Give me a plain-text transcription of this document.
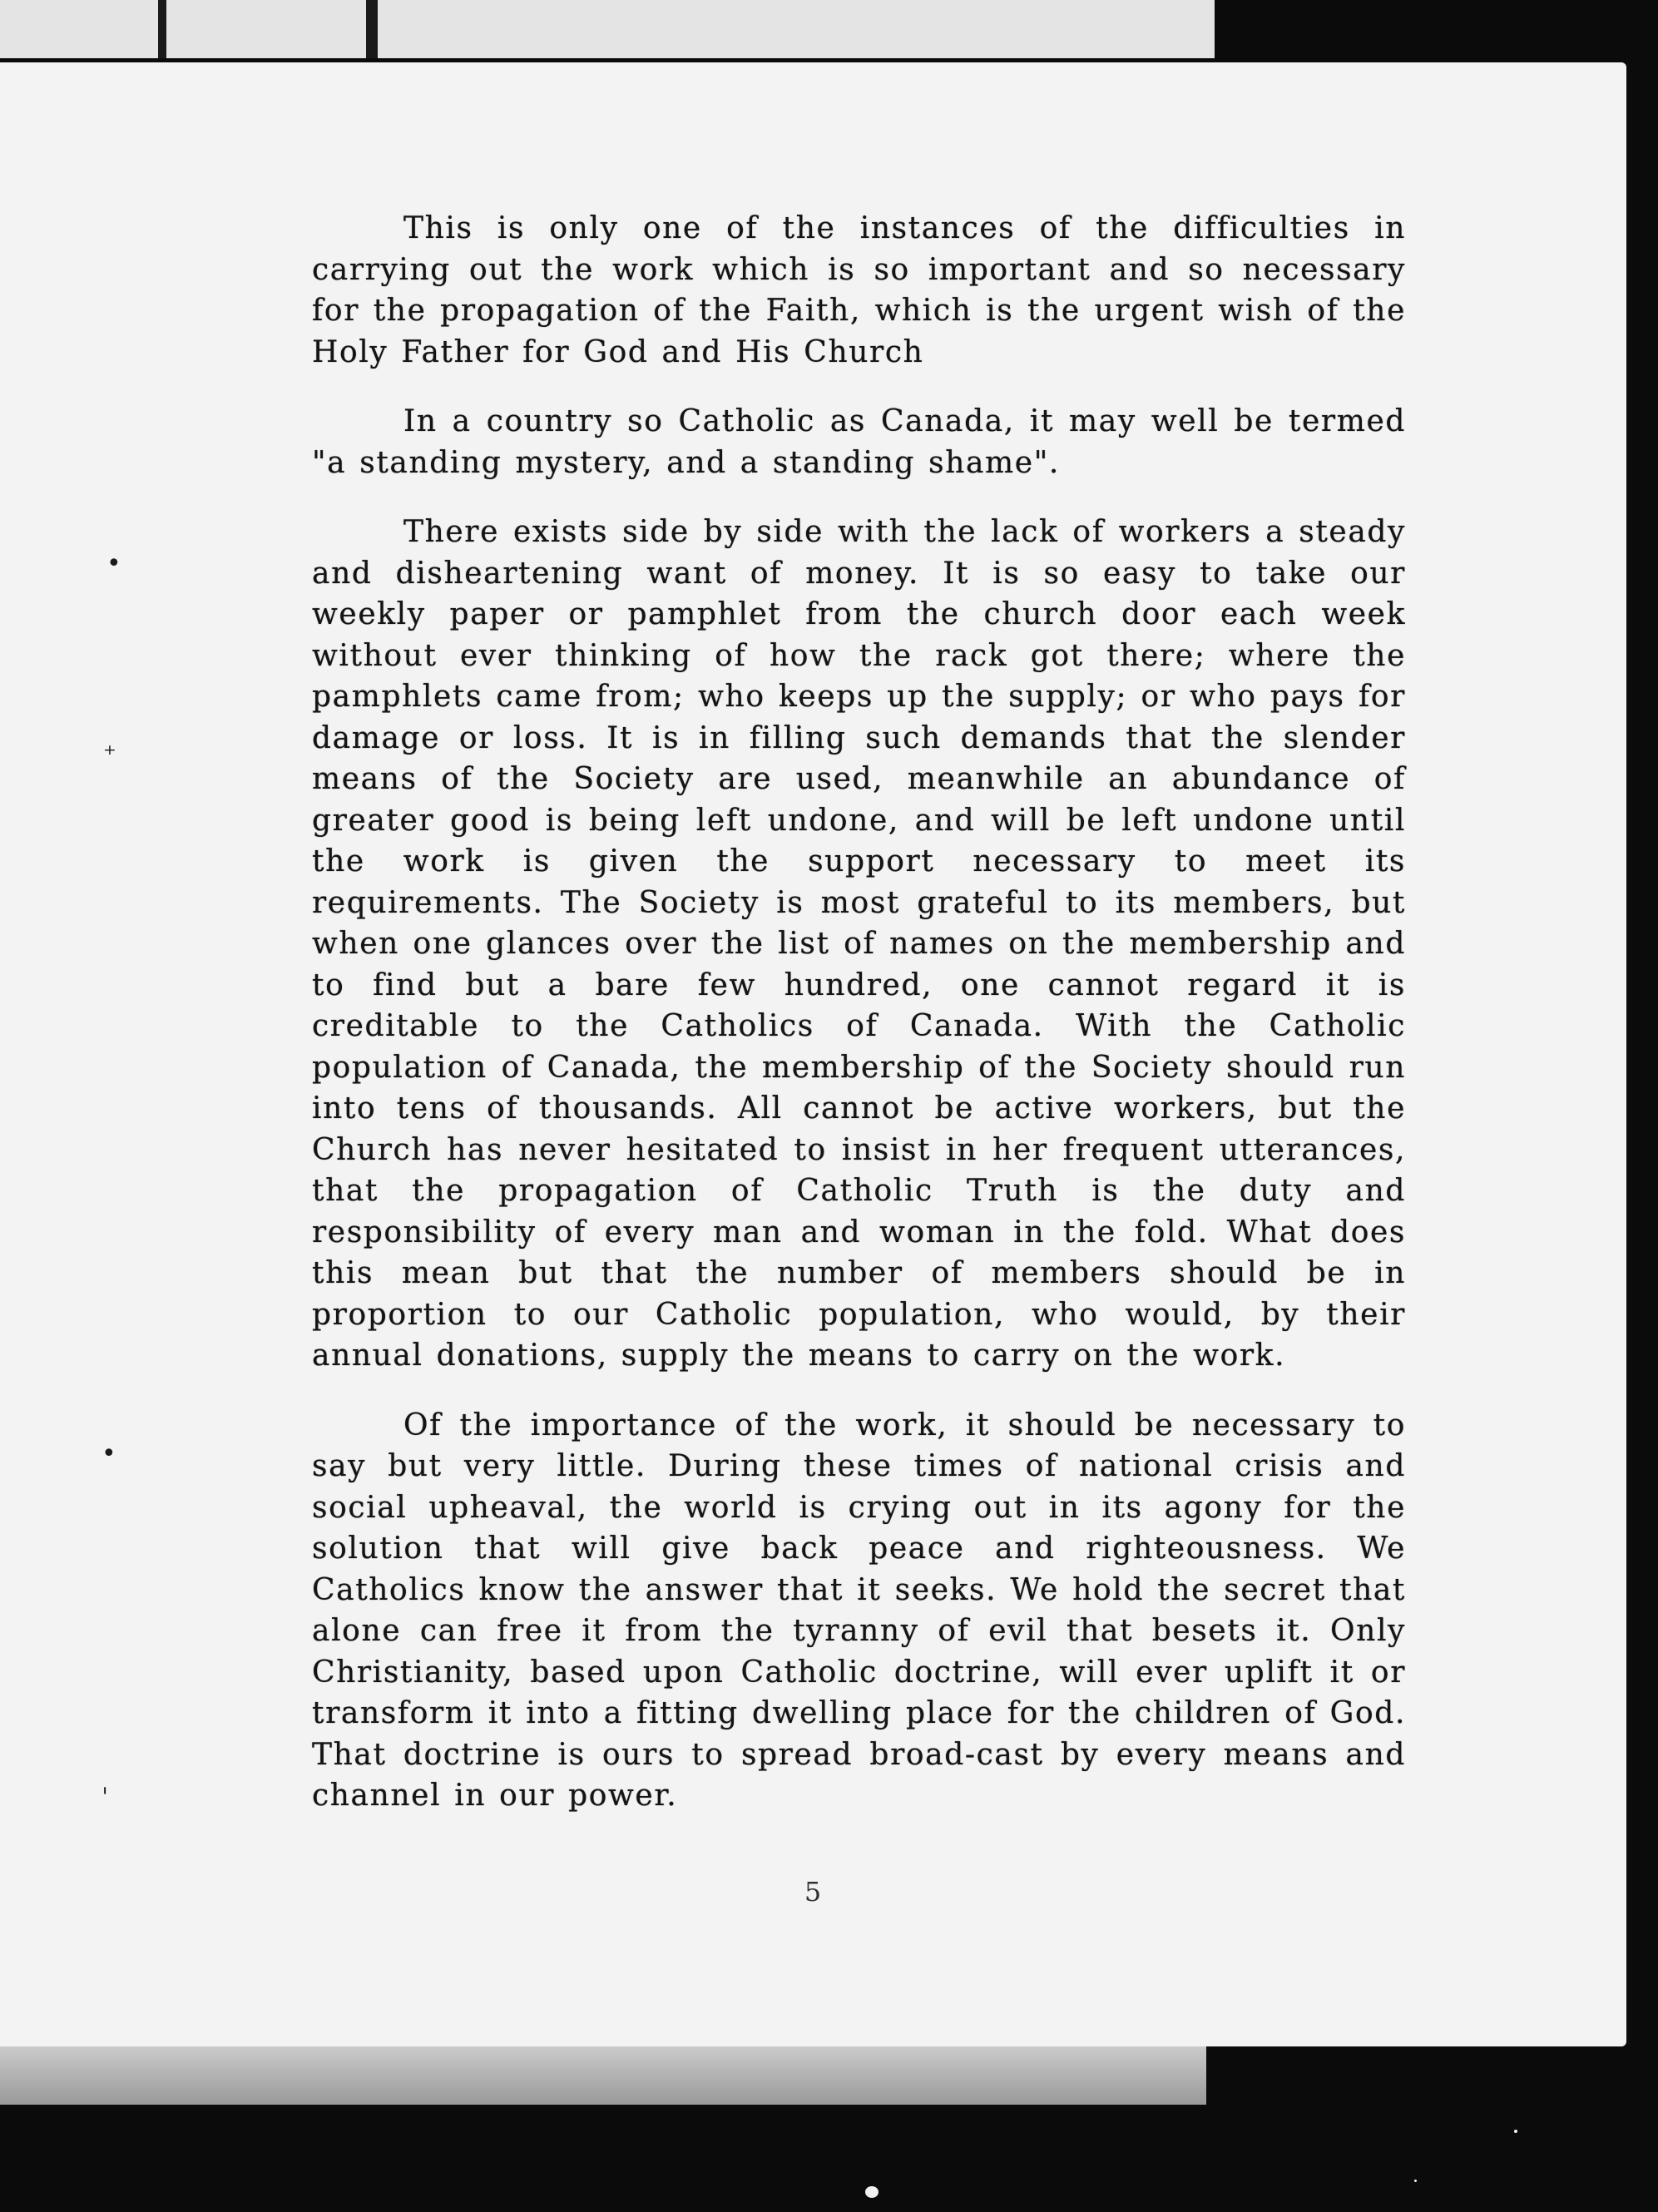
•
⁺
•
ˌ

This is only one of the instances of the difficulties in carrying out the work which is so important and so necessary for the propagation of the Faith, which is the urgent wish of the Holy Father for God and His Church

In a country so Catholic as Canada, it may well be termed "a standing mystery, and a standing shame".

There exists side by side with the lack of workers a steady and disheartening want of money. It is so easy to take our weekly paper or pamphlet from the church door each week without ever thinking of how the rack got there; where the pamphlets came from; who keeps up the supply; or who pays for damage or loss. It is in filling such demands that the slender means of the Society are used, meanwhile an abundance of greater good is being left undone, and will be left undone until the work is given the support necessary to meet its requirements. The Society is most grateful to its members, but when one glances over the list of names on the membership and to find but a bare few hundred, one cannot regard it is creditable to the Catholics of Canada. With the Catholic population of Canada, the membership of the Society should run into tens of thousands. All cannot be active workers, but the Church has never hesitated to insist in her frequent utterances, that the propagation of Catholic Truth is the duty and responsibility of every man and woman in the fold. What does this mean but that the number of members should be in proportion to our Catholic population, who would, by their annual donations, supply the means to carry on the work.

Of the importance of the work, it should be necessary to say but very little. During these times of national crisis and social upheaval, the world is crying out in its agony for the solution that will give back peace and righteousness. We Catholics know the answer that it seeks. We hold the secret that alone can free it from the tyranny of evil that besets it. Only Christianity, based upon Catholic doctrine, will ever uplift it or transform it into a fitting dwelling place for the children of God. That doctrine is ours to spread broad-cast by every means and channel in our power.

5
